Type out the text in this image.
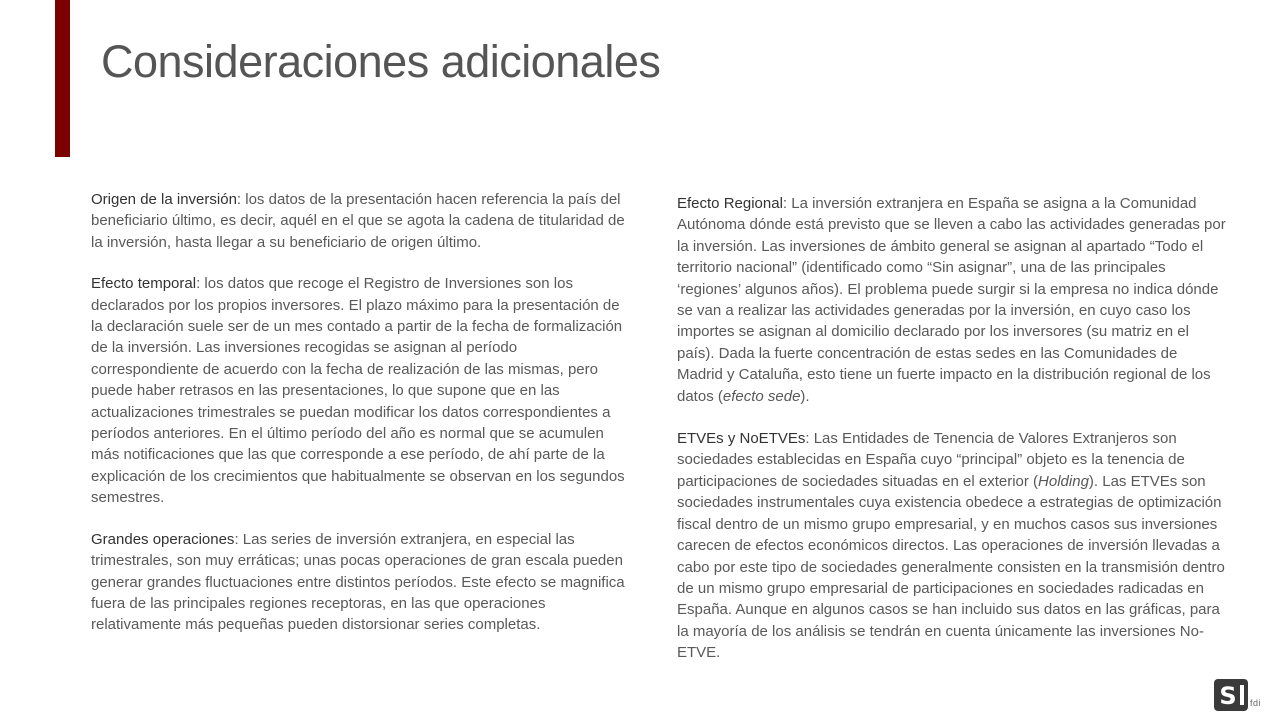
Consideraciones adicionales

Origen de la inversión: los datos de la presentación hacen referencia la país del beneficiario último, es decir, aquél en el que se agota la cadena de titularidad de la inversión, hasta llegar a su beneficiario de origen último.

Efecto temporal: los datos que recoge el Registro de Inversiones son los declarados por los propios inversores. El plazo máximo para la presentación de la declaración suele ser de un mes contado a partir de la fecha de formalización de la inversión. Las inversiones recogidas se asignan al período correspondiente de acuerdo con la fecha de realización de las mismas, pero puede haber retrasos en las presentaciones, lo que supone que en las actualizaciones trimestrales se puedan modificar los datos correspondientes a períodos anteriores. En el último período del año es normal que se acumulen más notificaciones que las que corresponde a ese período, de ahí parte de la explicación de los crecimientos que habitualmente se observan en los segundos semestres.

Grandes operaciones: Las series de inversión extranjera, en especial las trimestrales, son muy erráticas; unas pocas operaciones de gran escala pueden generar grandes fluctuaciones entre distintos períodos. Este efecto se magnifica fuera de las principales regiones receptoras, en las que operaciones relativamente más pequeñas pueden distorsionar series completas.

Efecto Regional: La inversión extranjera en España se asigna a la Comunidad Autónoma dónde está previsto que se lleven a cabo las actividades generadas por la inversión. Las inversiones de ámbito general se asignan al apartado “Todo el territorio nacional” (identificado como “Sin asignar”, una de las principales ‘regiones’ algunos años). El problema puede surgir si la empresa no indica dónde se van a realizar las actividades generadas por la inversión, en cuyo caso los importes se asignan al domicilio declarado por los inversores (su matriz en el país). Dada la fuerte concentración de estas sedes en las Comunidades de Madrid y Cataluña, esto tiene un fuerte impacto en la distribución regional de los datos (efecto sede).

ETVEs y NoETVEs: Las Entidades de Tenencia de Valores Extranjeros son sociedades establecidas en España cuyo “principal” objeto es la tenencia de participaciones de sociedades situadas en el exterior (Holding). Las ETVEs son sociedades instrumentales cuya existencia obedece a estrategias de optimización fiscal dentro de un mismo grupo empresarial, y en muchos casos sus inversiones carecen de efectos económicos directos. Las operaciones de inversión llevadas a cabo por este tipo de sociedades generalmente consisten en la transmisión dentro de un mismo grupo empresarial de participaciones en sociedades radicadas en España. Aunque en algunos casos se han incluido sus datos en las gráficas, para la mayoría de los análisis se tendrán en cuenta únicamente las inversiones No-ETVE.

S fdi
